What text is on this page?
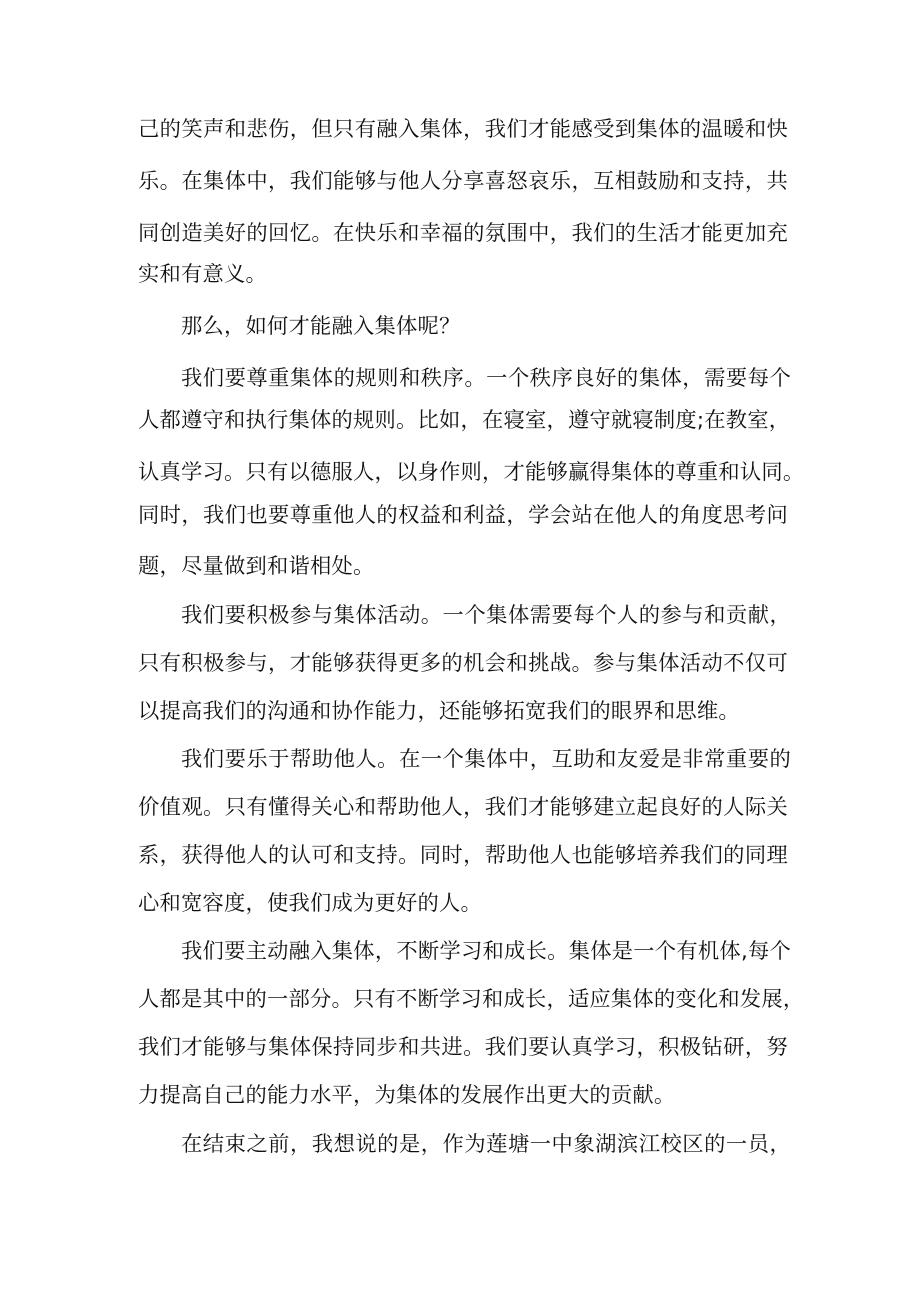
己的笑声和悲伤，但只有融入集体，我们才能感受到集体的温暖和快
乐。在集体中，我们能够与他人分享喜怒哀乐，互相鼓励和支持，共
同创造美好的回忆。在快乐和幸福的氛围中，我们的生活才能更加充
实和有意义。
那么，如何才能融入集体呢？
我们要尊重集体的规则和秩序。一个秩序良好的集体，需要每个
人都遵守和执行集体的规则。比如，在寝室，遵守就寝制度;在教室，
认真学习。只有以德服人，以身作则，才能够赢得集体的尊重和认同。
同时，我们也要尊重他人的权益和利益，学会站在他人的角度思考问
题，尽量做到和谐相处。
我们要积极参与集体活动。一个集体需要每个人的参与和贡献，
只有积极参与，才能够获得更多的机会和挑战。参与集体活动不仅可
以提高我们的沟通和协作能力，还能够拓宽我们的眼界和思维。
我们要乐于帮助他人。在一个集体中，互助和友爱是非常重要的
价值观。只有懂得关心和帮助他人，我们才能够建立起良好的人际关
系，获得他人的认可和支持。同时，帮助他人也能够培养我们的同理
心和宽容度，使我们成为更好的人。
我们要主动融入集体，不断学习和成长。集体是一个有机体,每个
人都是其中的一部分。只有不断学习和成长，适应集体的变化和发展，
我们才能够与集体保持同步和共进。我们要认真学习，积极钻研，努
力提高自己的能力水平，为集体的发展作出更大的贡献。
在结束之前，我想说的是，作为莲塘一中象湖滨江校区的一员，
